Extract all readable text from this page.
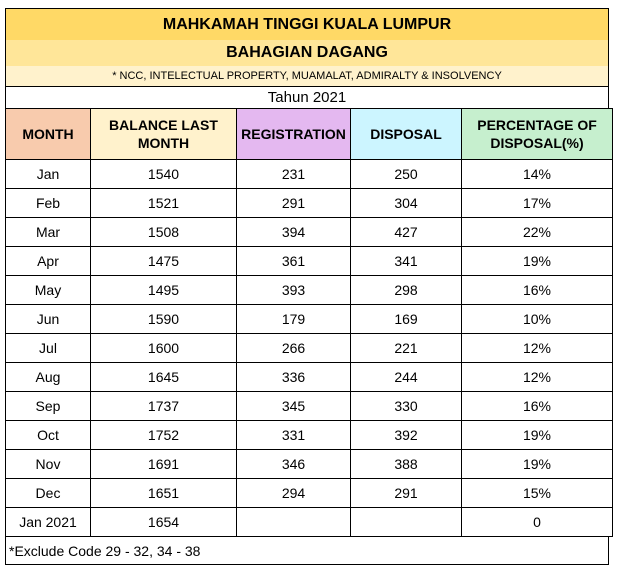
MAHKAMAH TINGGI KUALA LUMPUR
BAHAGIAN DAGANG
* NCC, INTELECTUAL PROPERTY, MUAMALAT, ADMIRALTY & INSOLVENCY
Tahun 2021
MONTH	BALANCE LAST MONTH	REGISTRATION	DISPOSAL	PERCENTAGE OF DISPOSAL(%)
Jan	1540	231	250	14%
Feb	1521	291	304	17%
Mar	1508	394	427	22%
Apr	1475	361	341	19%
May	1495	393	298	16%
Jun	1590	179	169	10%
Jul	1600	266	221	12%
Aug	1645	336	244	12%
Sep	1737	345	330	16%
Oct	1752	331	392	19%
Nov	1691	346	388	19%
Dec	1651	294	291	15%
Jan 2021	1654			0
*Exclude Code 29 - 32, 34 - 38
